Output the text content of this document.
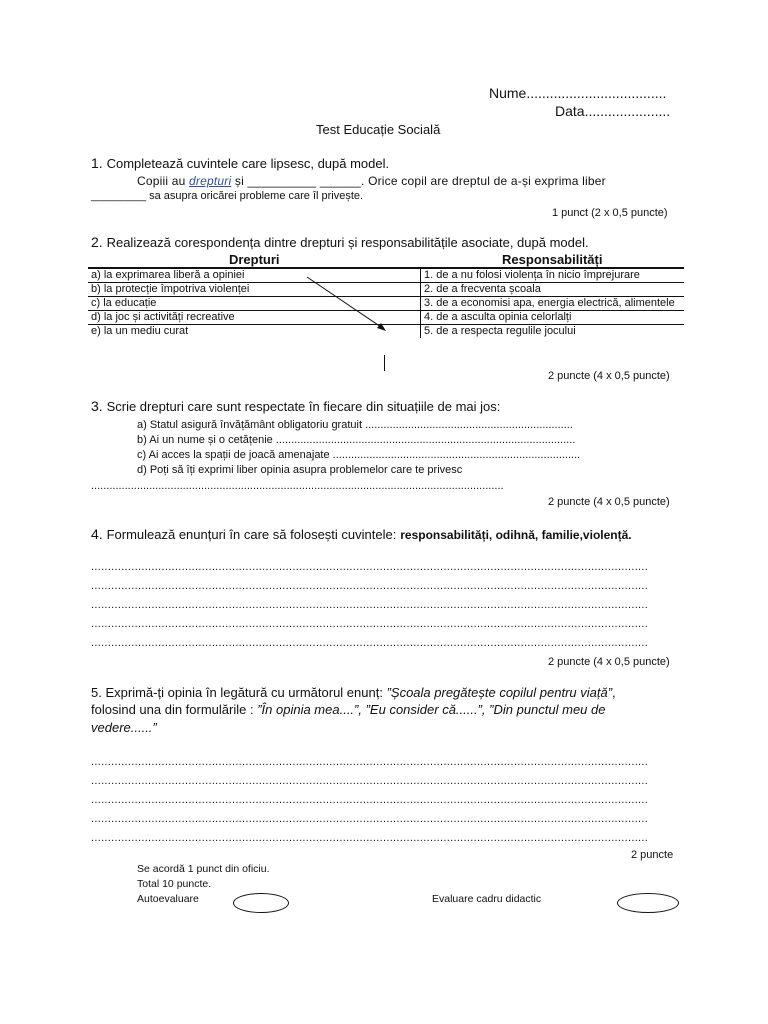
Nume....................................
Data......................
Test Educație Socială
1. Completează cuvintele care lipsesc, după model.
Copiii au drepturi și __________ ______. Orice copil are dreptul de a-și exprima liber
_________ sa asupra oricărei probleme care îl privește.
1 punct (2 x 0,5 puncte)
2. Realizează corespondența dintre drepturi și responsabilitățile asociate, după model.
Drepturi	Responsabilități
a) la exprimarea liberă a opiniei	1. de a nu folosi violența în nicio împrejurare
b) la protecție împotriva violenței	2. de a frecventa școala
c) la educație	3. de a economisi apa, energia electrică, alimentele
d) la joc și activități recreative	4. de a asculta opinia celorlalți
e) la un mediu curat	5. de a respecta regulile jocului
2 puncte (4 x 0,5 puncte)
3. Scrie drepturi care sunt respectate în fiecare din situațiile de mai jos:
a) Statul asigură învățământ obligatoriu gratuit ....................................................................
b) Ai un nume și o cetățenie ..................................................................................................
c) Ai acces la spații de joacă amenajate .................................................................................
d) Poți să îți exprimi liber opinia asupra problemelor care te privesc
.......................................................................................................................................
2 puncte (4 x 0,5 puncte)
4. Formulează enunțuri în care să folosești cuvintele: responsabilități, odihnă, familie,violență.
......................................................................................................................................................................
......................................................................................................................................................................
......................................................................................................................................................................
......................................................................................................................................................................
......................................................................................................................................................................
2 puncte (4 x 0,5 puncte)
5. Exprimă-ți opinia în legătură cu următorul enunț: ”Școala pregătește copilul pentru viață”,
folosind una din formulările : ”În opinia mea....”, ”Eu consider că......”, ”Din punctul meu de
vedere......”
......................................................................................................................................................................
......................................................................................................................................................................
......................................................................................................................................................................
......................................................................................................................................................................
......................................................................................................................................................................
2 puncte
Se acordă 1 punct din oficiu.
Total 10 puncte.
Autoevaluare	Evaluare cadru didactic
